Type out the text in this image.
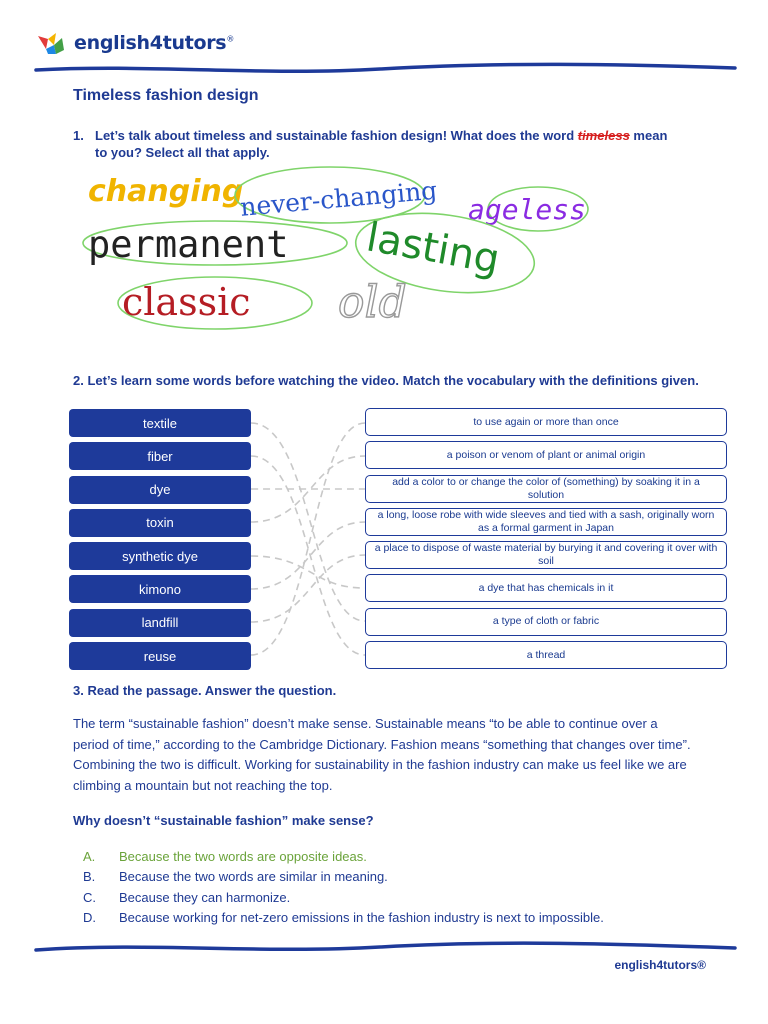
english4tutors®
Timeless fashion design
1. Let’s talk about timeless and sustainable fashion design! What does the word timeless mean
to you? Select all that apply.
changing
never-changing ageless
permanent lasting
classic old
2. Let’s learn some words before watching the video. Match the vocabulary with the definitions given.
textile
fiber
dye
toxin
synthetic dye
kimono
landfill
reuse
to use again or more than once
a poison or venom of plant or animal origin
add a color to or change the color of (something) by soaking it in a solution
a long, loose robe with wide sleeves and tied with a sash, originally worn as a formal garment in Japan
a place to dispose of waste material by burying it and covering it over with soil
a dye that has chemicals in it
a type of cloth or fabric
a thread
3. Read the passage. Answer the question.
The term “sustainable fashion” doesn’t make sense. Sustainable means “to be able to continue over a period of time,” according to the Cambridge Dictionary. Fashion means “something that changes over time”. Combining the two is difficult. Working for sustainability in the fashion industry can make us feel like we are climbing a mountain but not reaching the top.
Why doesn’t “sustainable fashion” make sense?
A.	Because the two words are opposite ideas.
B.	Because the two words are similar in meaning.
C.	Because they can harmonize.
D.	Because working for net-zero emissions in the fashion industry is next to impossible.
english4tutors®
